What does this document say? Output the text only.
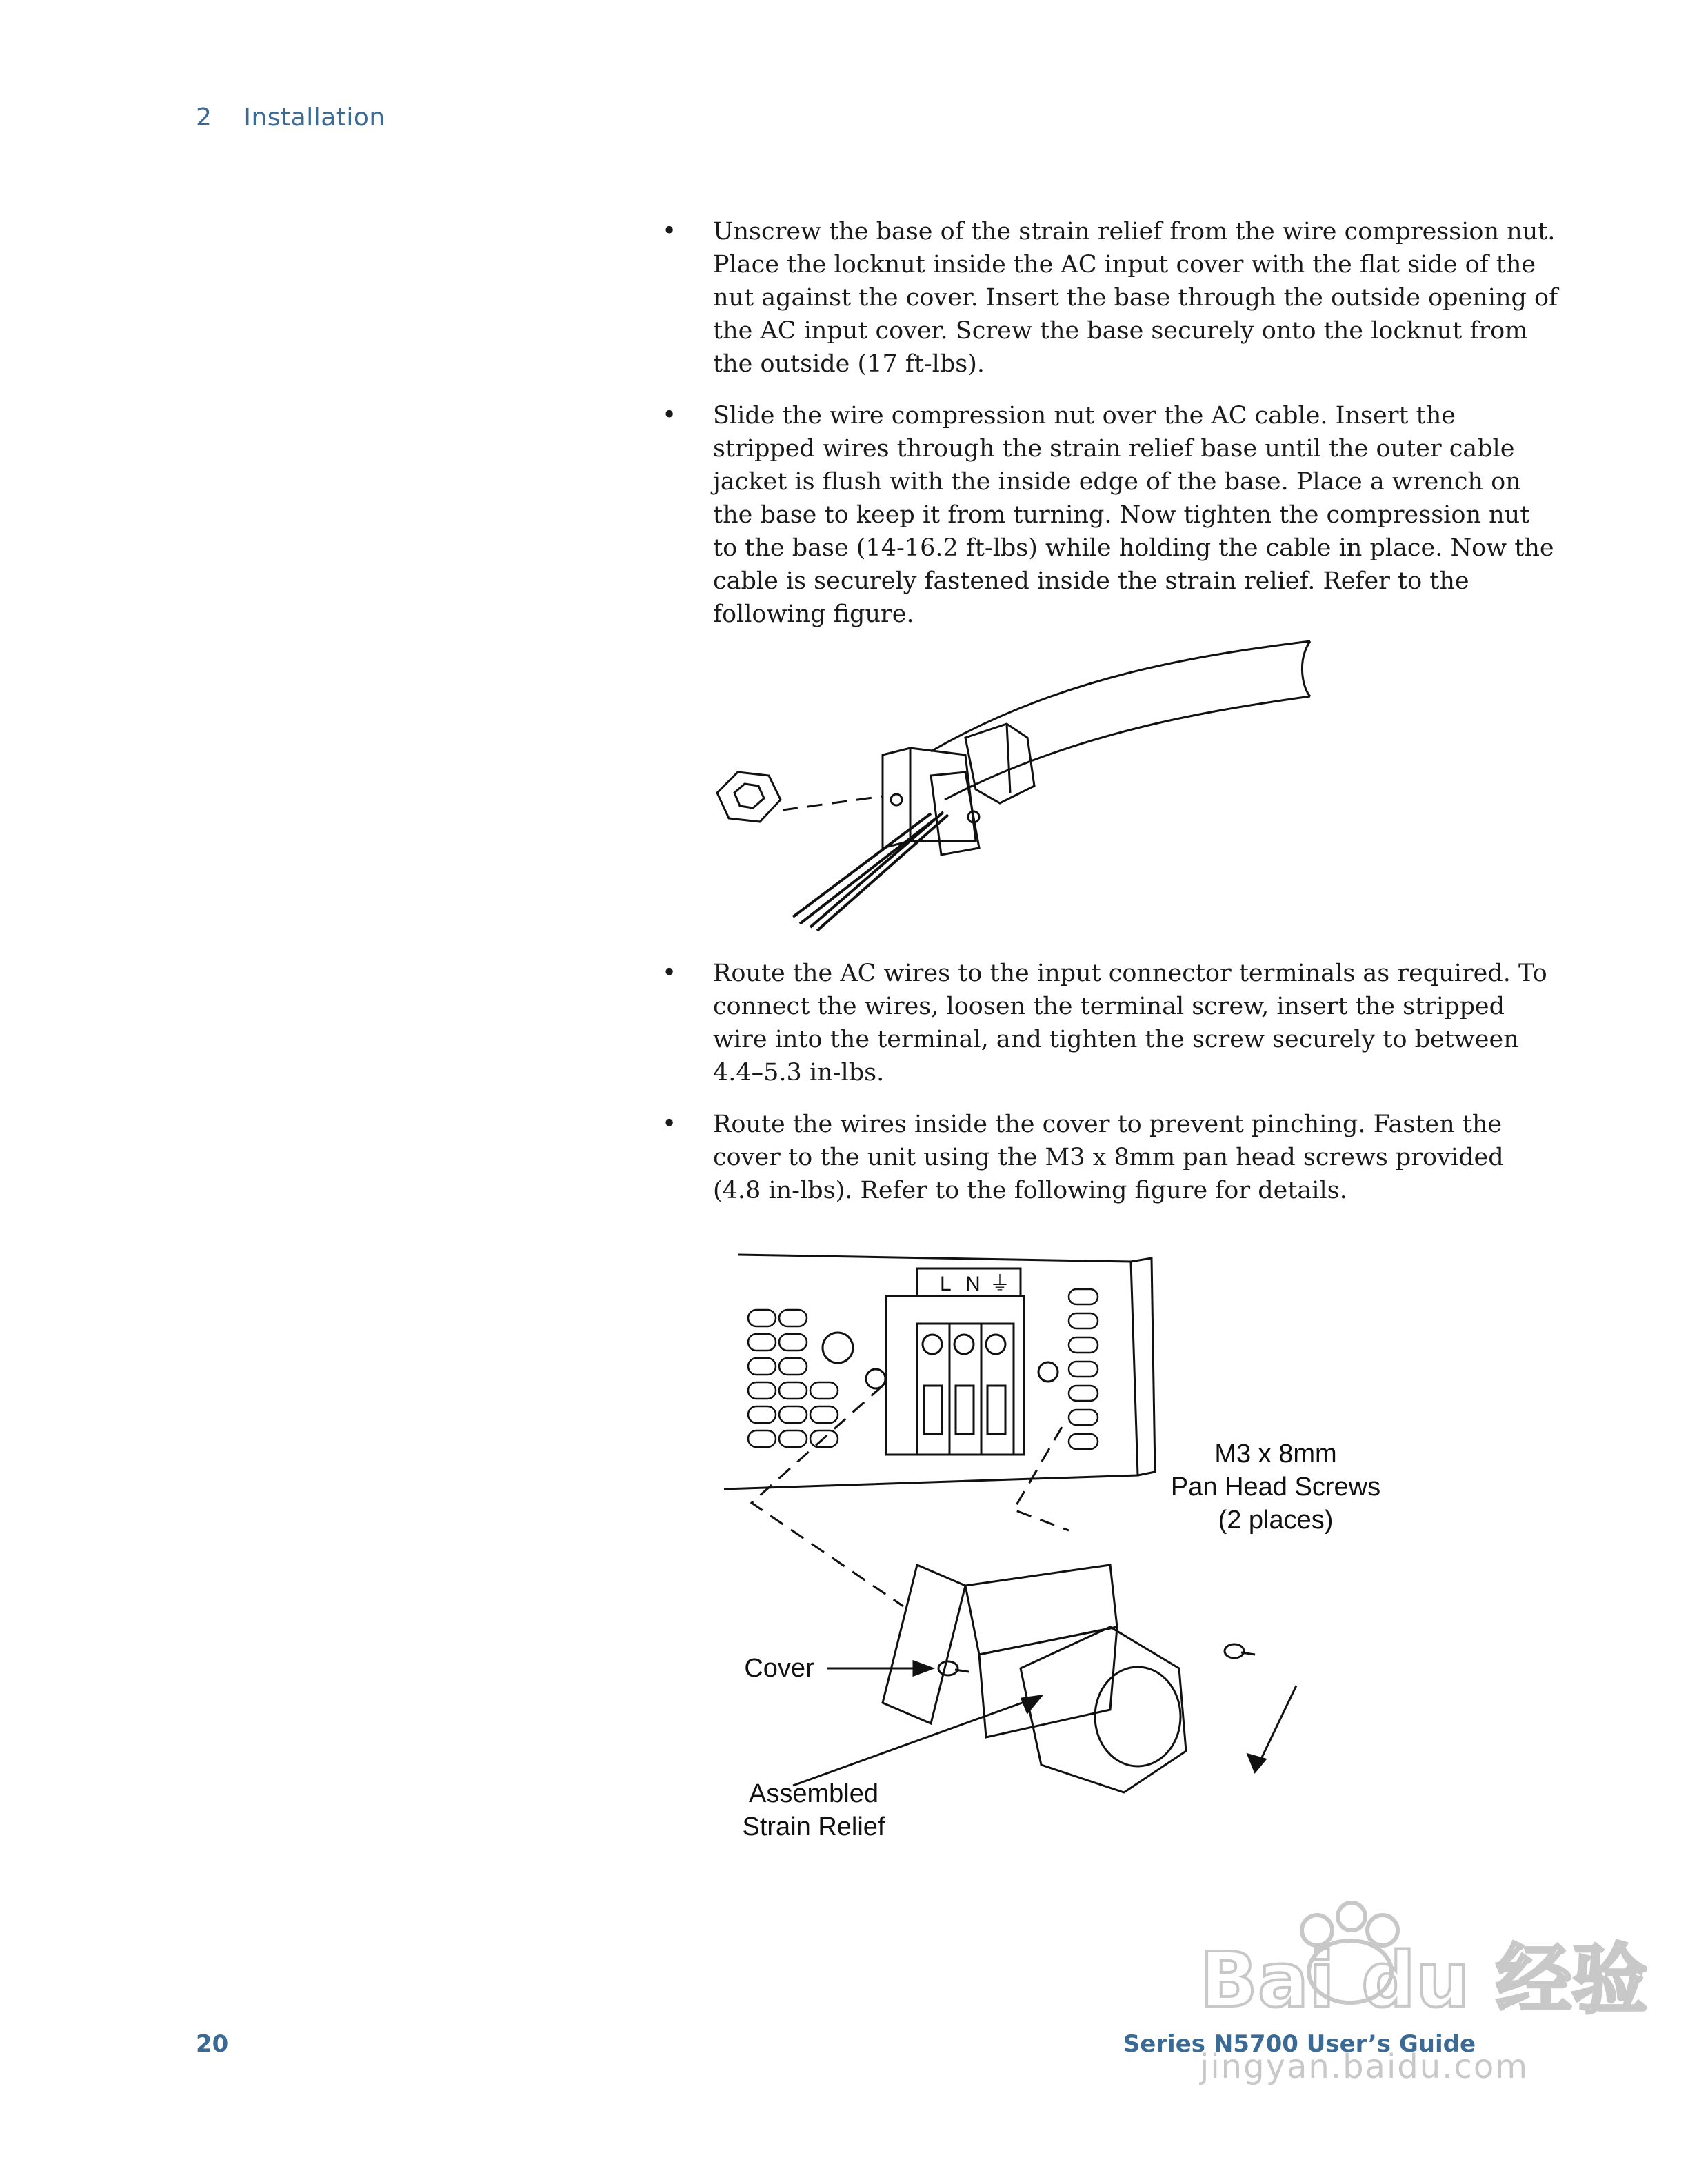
2 Installation
• Unscrew the base of the strain relief from the wire compression nut. Place the locknut inside the AC input cover with the flat side of the nut against the cover. Insert the base through the outside opening of the AC input cover. Screw the base securely onto the locknut from the outside (17 ft-lbs).
• Slide the wire compression nut over the AC cable. Insert the stripped wires through the strain relief base until the outer cable jacket is flush with the inside edge of the base. Place a wrench on the base to keep it from turning. Now tighten the compression nut to the base (14-16.2 ft-lbs) while holding the cable in place. Now the cable is securely fastened inside the strain relief. Refer to the following figure.
• Route the AC wires to the input connector terminals as required. To connect the wires, loosen the terminal screw, insert the stripped wire into the terminal, and tighten the screw securely to between 4.4–5.3 in-lbs.
• Route the wires inside the cover to prevent pinching. Fasten the cover to the unit using the M3 x 8mm pan head screws provided (4.8 in-lbs). Refer to the following figure for details.
L N ⏚
M3 x 8mm
Pan Head Screws
(2 places)
Cover
Assembled
Strain Relief
Bai du 经验
jingyan.baidu.com
20	Series N5700 User’s Guide
